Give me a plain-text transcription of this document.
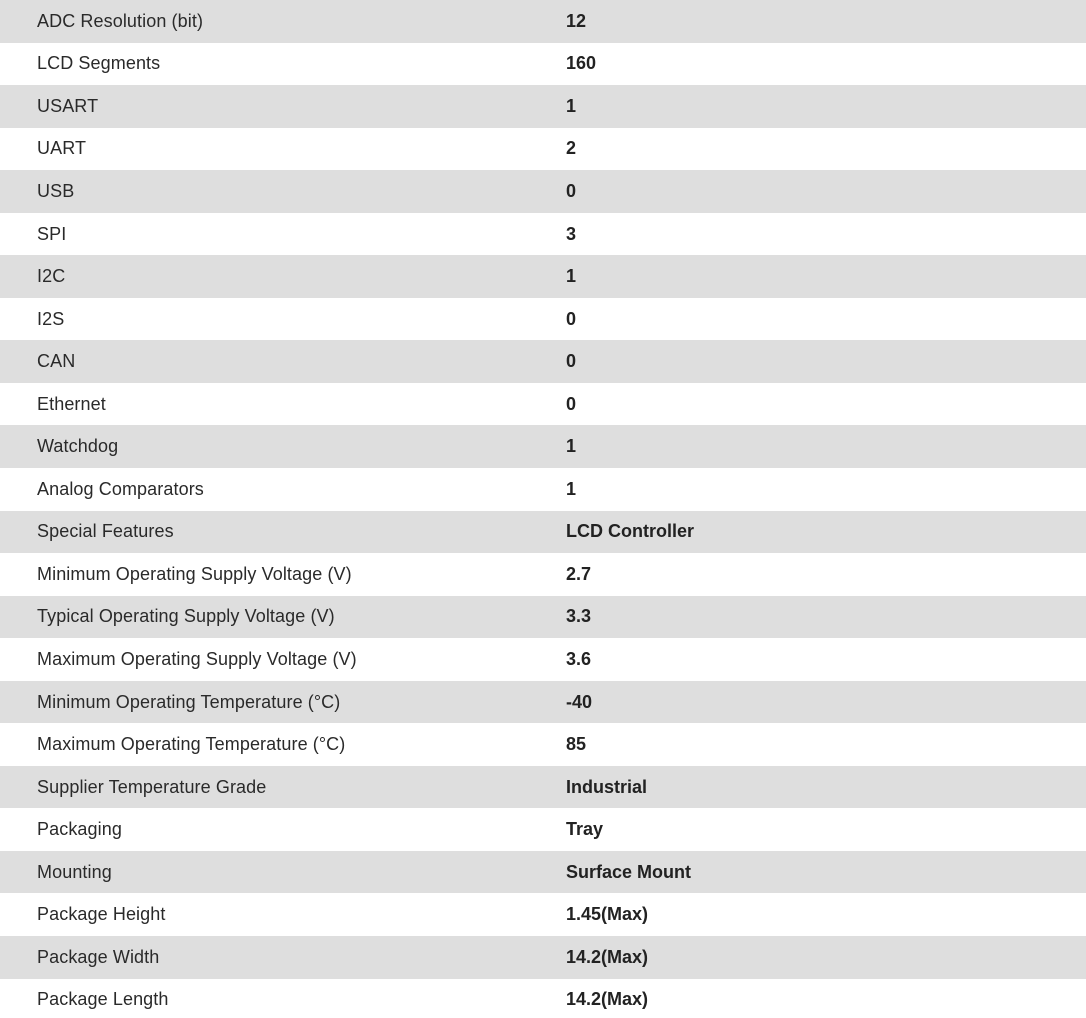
ADC Resolution (bit)	12
LCD Segments	160
USART	1
UART	2
USB	0
SPI	3
I2C	1
I2S	0
CAN	0
Ethernet	0
Watchdog	1
Analog Comparators	1
Special Features	LCD Controller
Minimum Operating Supply Voltage (V)	2.7
Typical Operating Supply Voltage (V)	3.3
Maximum Operating Supply Voltage (V)	3.6
Minimum Operating Temperature (°C)	-40
Maximum Operating Temperature (°C)	85
Supplier Temperature Grade	Industrial
Packaging	Tray
Mounting	Surface Mount
Package Height	1.45(Max)
Package Width	14.2(Max)
Package Length	14.2(Max)
